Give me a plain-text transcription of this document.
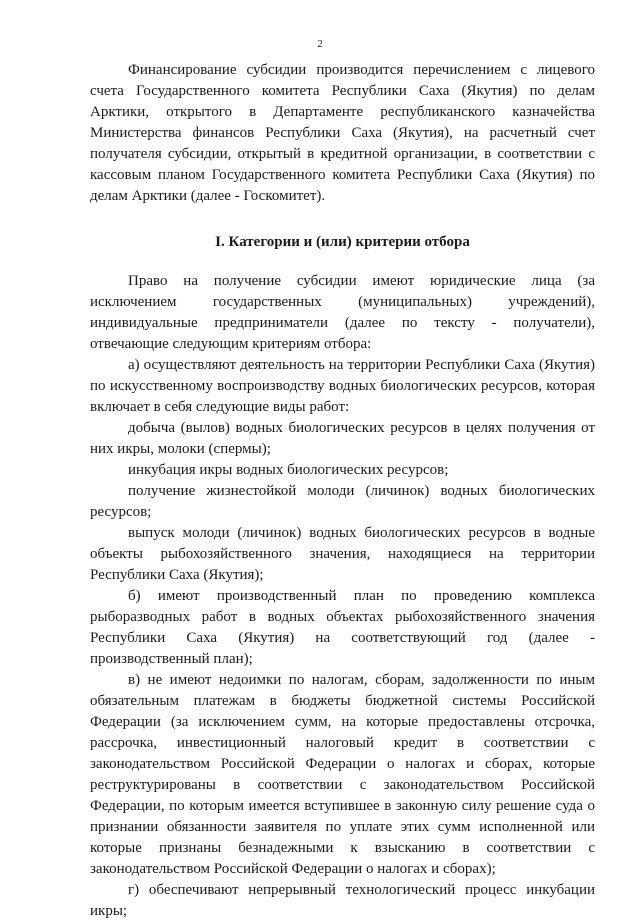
2

Финансирование субсидии производится перечислением с лицевого счета Государственного комитета Республики Саха (Якутия) по делам Арктики, открытого в Департаменте республиканского казначейства Министерства финансов Республики Саха (Якутия), на расчетный счет получателя субсидии, открытый в кредитной организации, в соответствии с кассовым планом Государственного комитета Республики Саха (Якутия) по делам Арктики (далее - Госкомитет).

I. Категории и (или) критерии отбора

Право на получение субсидии имеют юридические лица (за исключением государственных (муниципальных) учреждений), индивидуальные предприниматели (далее по тексту - получатели), отвечающие следующим критериям отбора:

а) осуществляют деятельность на территории Республики Саха (Якутия) по искусственному воспроизводству водных биологических ресурсов, которая включает в себя следующие виды работ:

добыча (вылов) водных биологических ресурсов в целях получения от них икры, молоки (спермы);

инкубация икры водных биологических ресурсов;

получение жизнестойкой молоди (личинок) водных биологических ресурсов;

выпуск молоди (личинок) водных биологических ресурсов в водные объекты рыбохозяйственного значения, находящиеся на территории Республики Саха (Якутия);

б) имеют производственный план по проведению комплекса рыборазводных работ в водных объектах рыбохозяйственного значения Республики Саха (Якутия) на соответствующий год (далее - производственный план);

в) не имеют недоимки по налогам, сборам, задолженности по иным обязательным платежам в бюджеты бюджетной системы Российской Федерации (за исключением сумм, на которые предоставлены отсрочка, рассрочка, инвестиционный налоговый кредит в соответствии с законодательством Российской Федерации о налогах и сборах, которые реструктурированы в соответствии с законодательством Российской Федерации, по которым имеется вступившее в законную силу решение суда о признании обязанности заявителя по уплате этих сумм исполненной или которые признаны безнадежными к взысканию в соответствии с законодательством Российской Федерации о налогах и сборах);

г) обеспечивают непрерывный технологический процесс инкубации икры;
